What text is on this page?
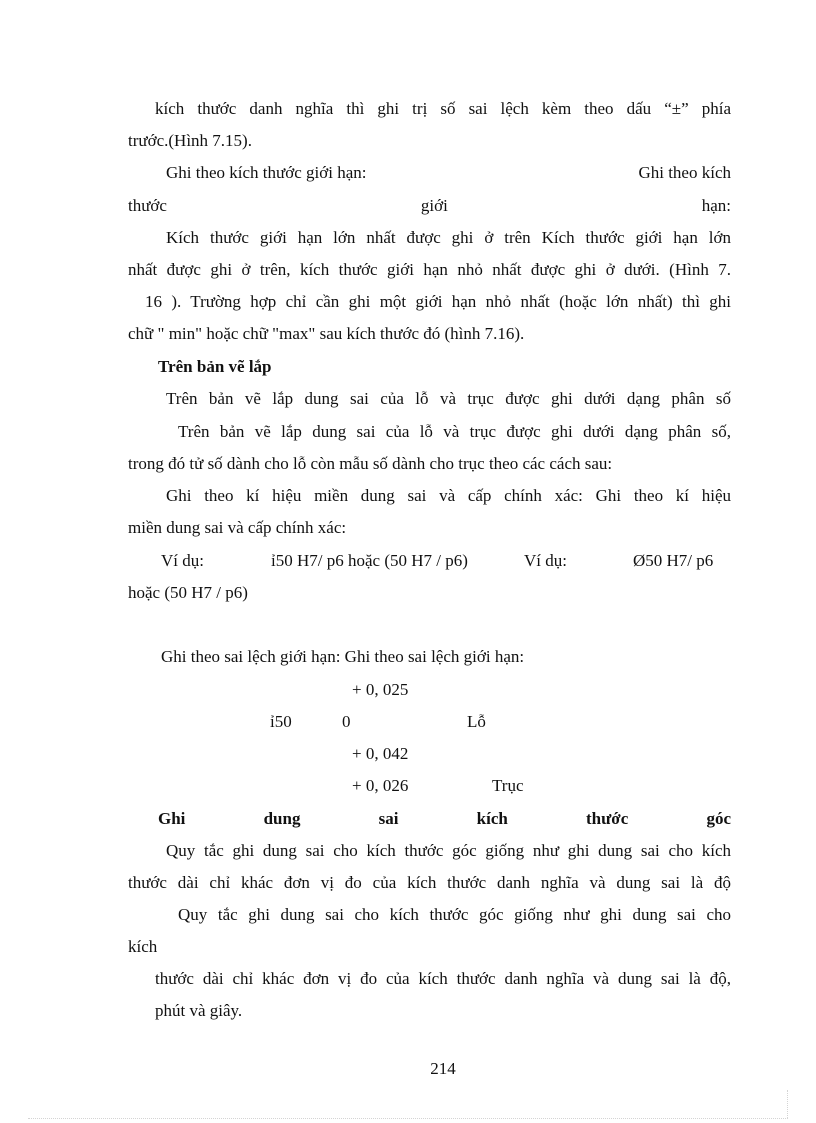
kích thước danh nghĩa thì ghi trị số sai lệch kèm theo dấu “±” phía
trước.(Hình 7.15).
Ghi theo kích thước giới hạn:	Ghi theo kích
thước giới hạn:
Kích thước giới hạn lớn nhất được ghi ở trên Kích thước giới hạn lớn
nhất được ghi ở trên, kích thước giới hạn nhỏ nhất được ghi ở dưới. (Hình 7.
16 ). Trường hợp chỉ cần ghi một giới hạn nhỏ nhất (hoặc lớn nhất) thì ghi
chữ " min" hoặc chữ "max" sau kích thước đó (hình 7.16).
Trên bản vẽ lắp
Trên bản vẽ lắp dung sai của lỗ và trục được ghi dưới dạng phân số
Trên bản vẽ lắp dung sai của lỗ và trục được ghi dưới dạng phân số,
trong đó tử số dành cho lỗ còn mẫu số dành cho trục theo các cách sau:
Ghi theo kí hiệu miền dung sai và cấp chính xác: Ghi theo kí hiệu
miền dung sai và cấp chính xác:
Ví dụ:	ỉ50 H7/ p6 hoặc (50 H7 / p6)	Ví dụ:	Ø50 H7/ p6
hoặc (50 H7 / p6)
Ghi theo sai lệch giới hạn: Ghi theo sai lệch giới hạn:
+ 0, 025
ỉ50	0	Lỗ
+ 0, 042
+ 0, 026	Trục
Ghi dung sai kích thước góc
Quy tắc ghi dung sai cho kích thước góc giống như ghi dung sai cho kích
thước dài chỉ khác đơn vị đo của kích thước danh nghĩa và dung sai là độ
Quy tắc ghi dung sai cho kích thước góc giống như ghi dung sai cho
kích
thước dài chỉ khác đơn vị đo của kích thước danh nghĩa và dung sai là độ,
phút và giây.
214
